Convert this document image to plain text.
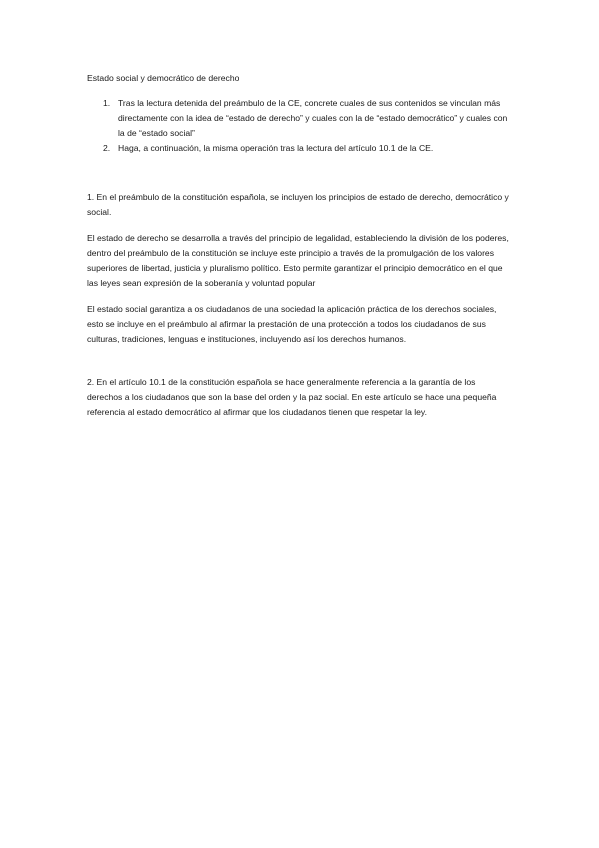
Estado social y democrático de derecho

1. Tras la lectura detenida del preámbulo de la CE, concrete cuales de sus contenidos se vinculan más directamente con la idea de “estado de derecho” y cuales con la de “estado democrático” y cuales con la de “estado social”
2. Haga, a continuación, la misma operación tras la lectura del artículo 10.1 de la CE.

1. En el preámbulo de la constitución española, se incluyen los principios de estado de derecho, democrático y social.

El estado de derecho se desarrolla a través del principio de legalidad, estableciendo la división de los poderes, dentro del preámbulo de la constitución se incluye este principio a través de la promulgación de los valores superiores de libertad, justicia y pluralismo político. Esto permite garantizar el principio democrático en el que las leyes sean expresión de la soberanía y voluntad popular

El estado social garantiza a os ciudadanos de una sociedad la aplicación práctica de los derechos sociales, esto se incluye en el preámbulo al afirmar la prestación de una protección a todos los ciudadanos de sus culturas, tradiciones, lenguas e instituciones, incluyendo así los derechos humanos.

2. En el artículo 10.1 de la constitución española se hace generalmente referencia a la garantía de los derechos a los ciudadanos que son la base del orden y la paz social. En este artículo se hace una pequeña referencia al estado democrático al afirmar que los ciudadanos tienen que respetar la ley.
